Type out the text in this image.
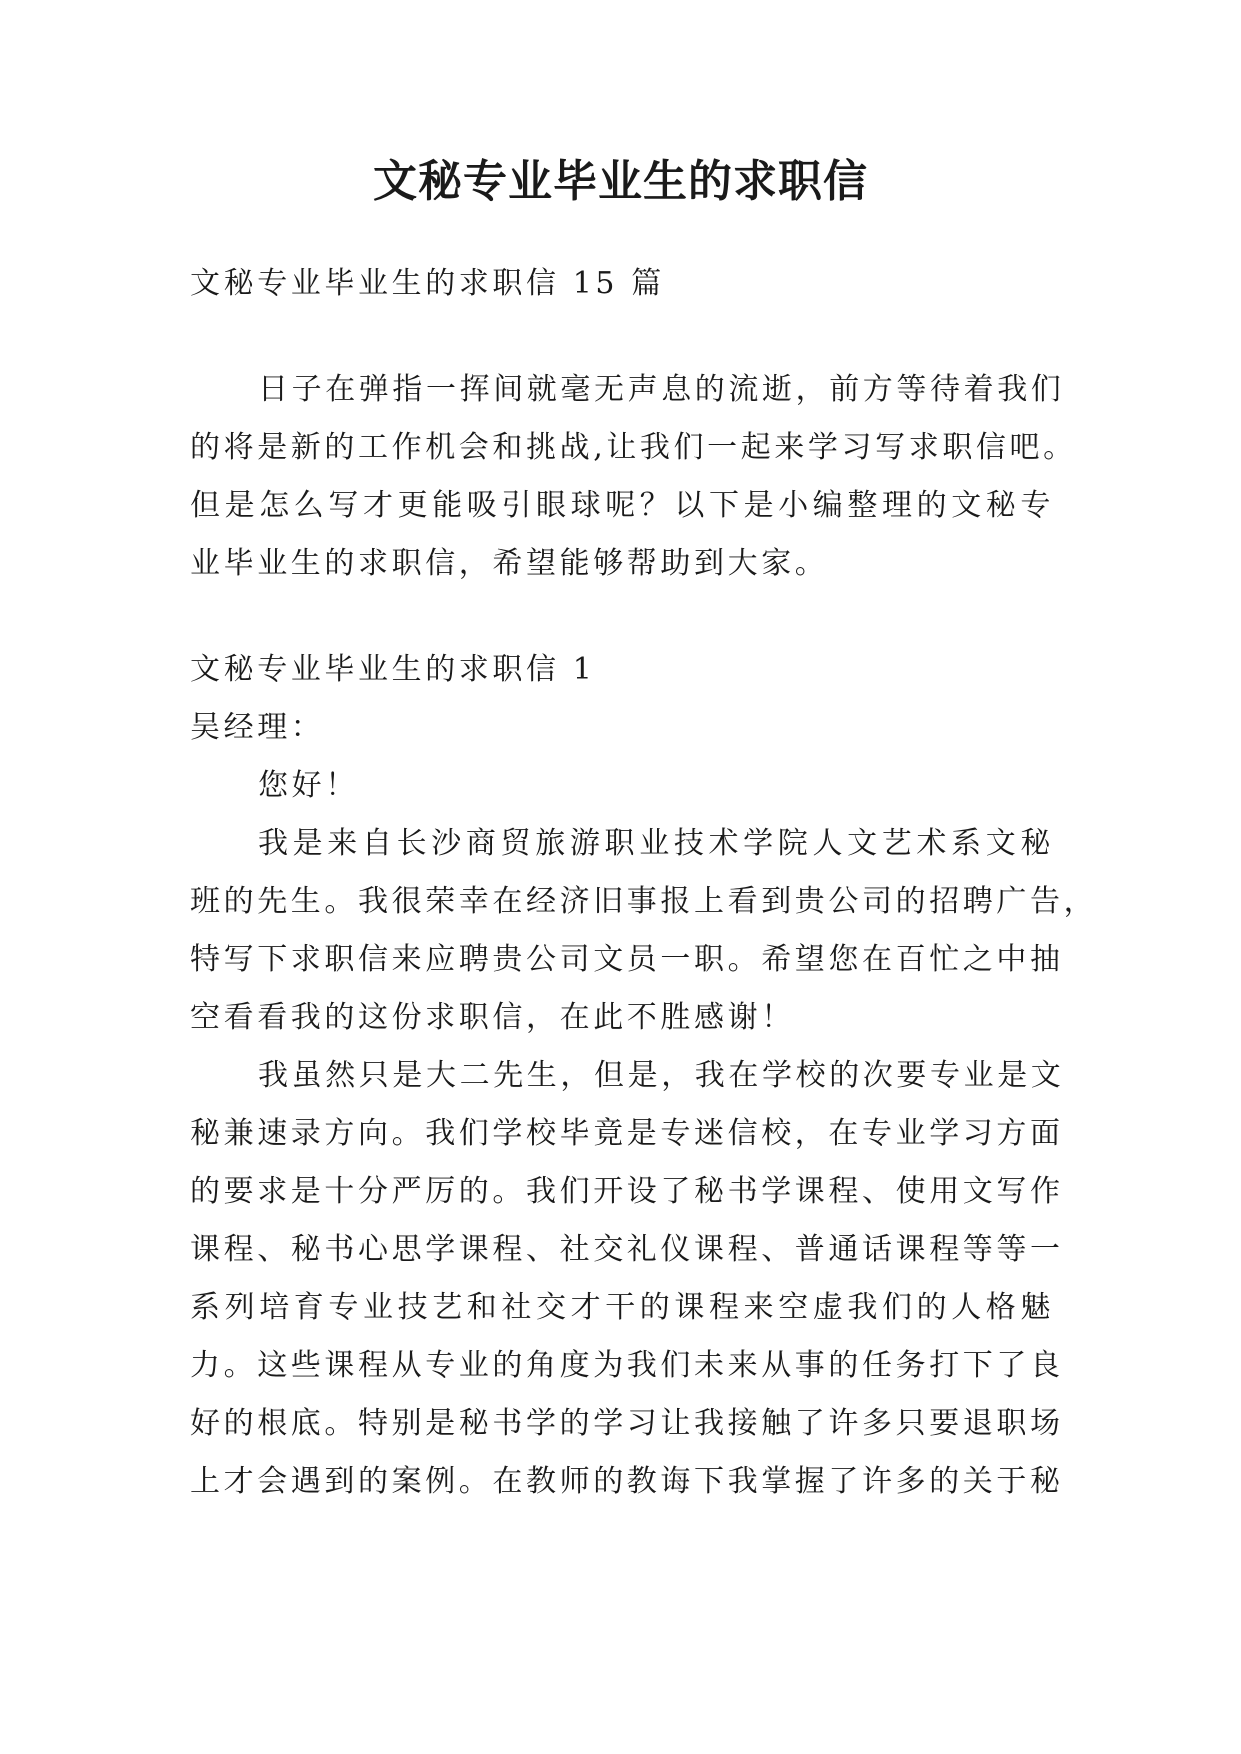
文秘专业毕业生的求职信
文秘专业毕业生的求职信 15 篇
日子在弹指一挥间就毫无声息的流逝，前方等待着我们
的将是新的工作机会和挑战,让我们一起来学习写求职信吧。
但是怎么写才更能吸引眼球呢？以下是小编整理的文秘专
业毕业生的求职信，希望能够帮助到大家。
文秘专业毕业生的求职信 1
吴经理：
您好！
我是来自长沙商贸旅游职业技术学院人文艺术系文秘
班的先生。我很荣幸在经济旧事报上看到贵公司的招聘广告，
特写下求职信来应聘贵公司文员一职。希望您在百忙之中抽
空看看我的这份求职信，在此不胜感谢！
我虽然只是大二先生，但是，我在学校的次要专业是文
秘兼速录方向。我们学校毕竟是专迷信校，在专业学习方面
的要求是十分严厉的。我们开设了秘书学课程、使用文写作
课程、秘书心思学课程、社交礼仪课程、普通话课程等等一
系列培育专业技艺和社交才干的课程来空虚我们的人格魅
力。这些课程从专业的角度为我们未来从事的任务打下了良
好的根底。特别是秘书学的学习让我接触了许多只要退职场
上才会遇到的案例。在教师的教诲下我掌握了许多的关于秘
